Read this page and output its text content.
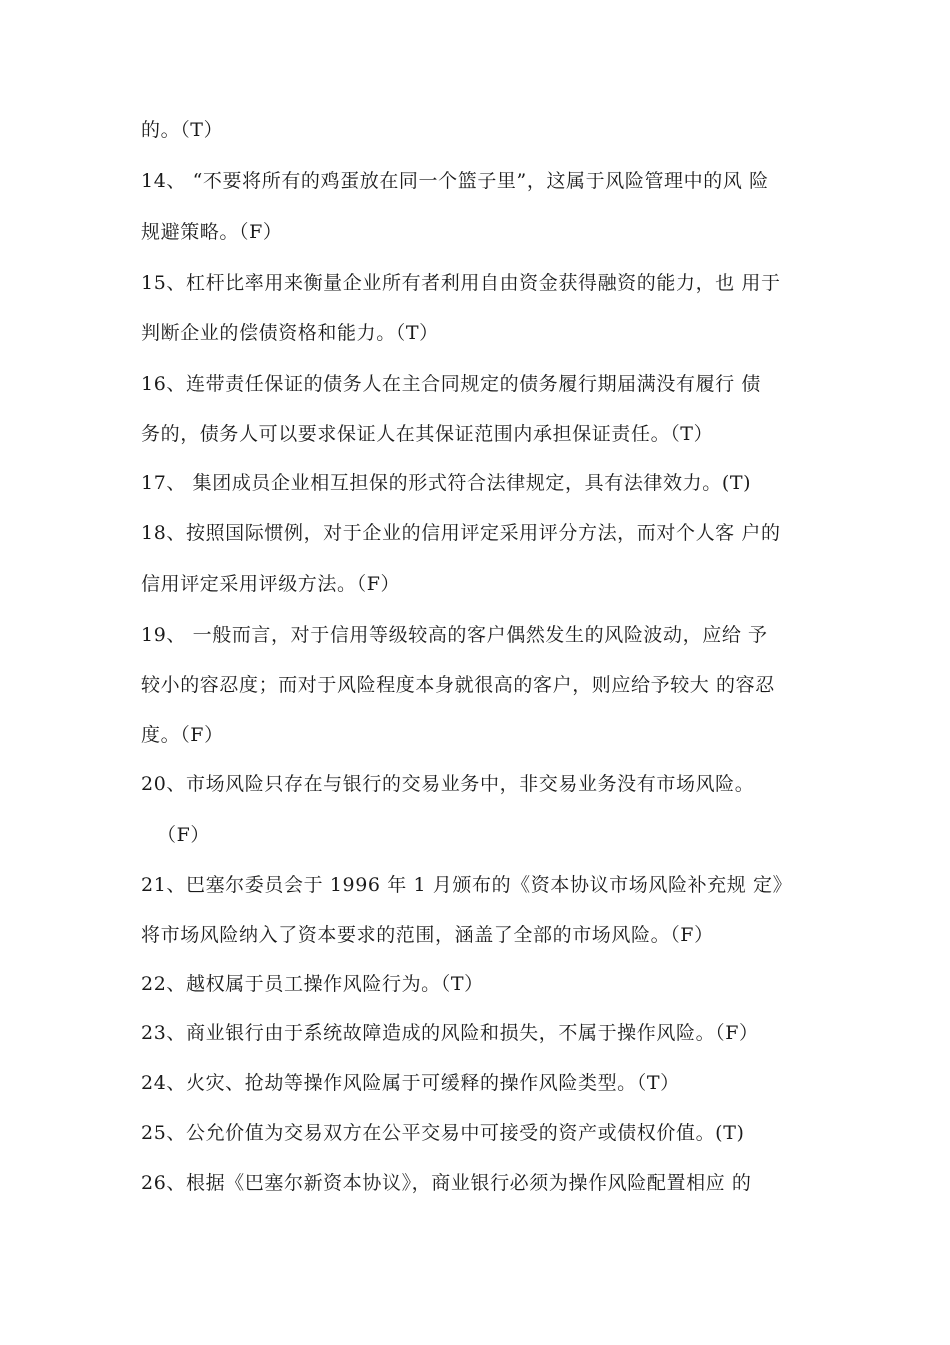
的。（T）
14、 “不要将所有的鸡蛋放在同一个篮子里”，这属于风险管理中的风 险
规避策略。（F）
15、杠杆比率用来衡量企业所有者利用自由资金获得融资的能力，也 用于
判断企业的偿债资格和能力。（T）
16、连带责任保证的债务人在主合同规定的债务履行期届满没有履行 债
务的，债务人可以要求保证人在其保证范围内承担保证责任。（T）
17、 集团成员企业相互担保的形式符合法律规定，具有法律效力。(T)
18、按照国际惯例，对于企业的信用评定采用评分方法，而对个人客 户的
信用评定采用评级方法。（F）
19、 一般而言，对于信用等级较高的客户偶然发生的风险波动，应给 予
较小的容忍度；而对于风险程度本身就很高的客户，则应给予较大 的容忍
度。（F）
20、市场风险只存在与银行的交易业务中，非交易业务没有市场风险。
（F）
21、巴塞尔委员会于 1996 年 1 月颁布的《资本协议市场风险补充规 定》
将市场风险纳入了资本要求的范围，涵盖了全部的市场风险。（F）
22、越权属于员工操作风险行为。（T）
23、商业银行由于系统故障造成的风险和损失，不属于操作风险。（F）
24、火灾、抢劫等操作风险属于可缓释的操作风险类型。（T）
25、公允价值为交易双方在公平交易中可接受的资产或债权价值。(T)
26、根据《巴塞尔新资本协议》，商业银行必须为操作风险配置相应 的
